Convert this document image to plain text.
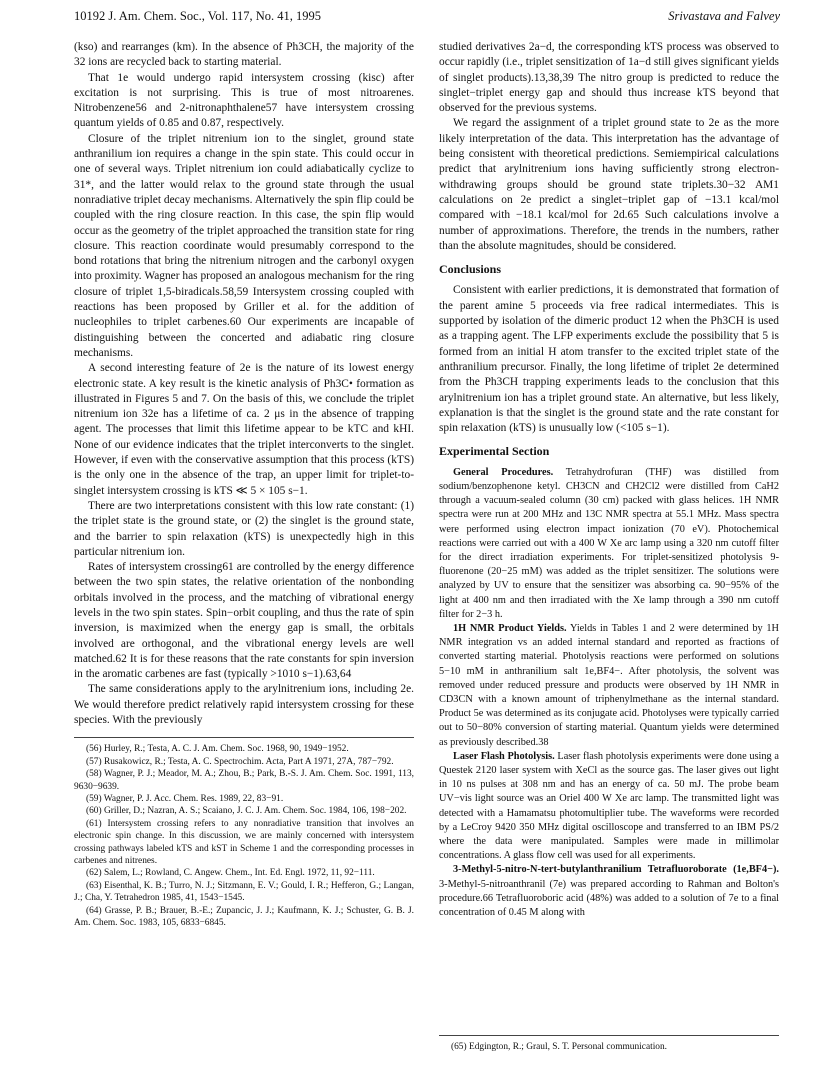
10192 J. Am. Chem. Soc., Vol. 117, No. 41, 1995	Srivastava and Falvey

(kso) and rearranges (km). In the absence of Ph3CH, the majority of the 32 ions are recycled back to starting material.

That 1e would undergo rapid intersystem crossing (kisc) after excitation is not surprising. This is true of most nitroarenes. Nitrobenzene56 and 2-nitronaphthalene57 have intersystem crossing quantum yields of 0.85 and 0.87, respectively.

Closure of the triplet nitrenium ion to the singlet, ground state anthranilium ion requires a change in the spin state. This could occur in one of several ways. Triplet nitrenium ion could adiabatically cyclize to 31*, and the latter would relax to the ground state through the usual nonradiative triplet decay mechanisms. Alternatively the spin flip could be coupled with the ring closure reaction. In this case, the spin flip would occur as the geometry of the triplet approached the transition state for ring closure. This reaction coordinate would presumably correspond to the bond rotations that bring the nitrenium nitrogen and the carbonyl oxygen into proximity. Wagner has proposed an analogous mechanism for the ring closure of triplet 1,5-biradicals.58,59 Intersystem crossing coupled with reactions has been proposed by Griller et al. for the addition of nucleophiles to triplet carbenes.60 Our experiments are incapable of distinguishing between the concerted and adiabatic ring closure mechanisms.

A second interesting feature of 2e is the nature of its lowest energy electronic state. A key result is the kinetic analysis of Ph3C• formation as illustrated in Figures 5 and 7. On the basis of this, we conclude the triplet nitrenium ion 32e has a lifetime of ca. 2 μs in the absence of trapping agent. The processes that limit this lifetime appear to be kTC and kHI. None of our evidence indicates that the triplet interconverts to the singlet. However, if even with the conservative assumption that this process (kTS) is the only one in the absence of the trap, an upper limit for triplet-to-singlet intersystem crossing is kTS ≪ 5 × 105 s−1.

There are two interpretations consistent with this low rate constant: (1) the triplet state is the ground state, or (2) the singlet is the ground state, and the barrier to spin relaxation (kTS) is unexpectedly high in this particular nitrenium ion.

Rates of intersystem crossing61 are controlled by the energy difference between the two spin states, the relative orientation of the nonbonding orbitals involved in the process, and the matching of vibrational energy levels in the two spin states. Spin−orbit coupling, and thus the rate of spin inversion, is maximized when the energy gap is small, the orbitals involved are orthogonal, and the vibrational energy levels are well matched.62 It is for these reasons that the rate constants for spin inversion in the aromatic carbenes are fast (typically >1010 s−1).63,64

The same considerations apply to the arylnitrenium ions, including 2e. We would therefore predict relatively rapid intersystem crossing for these species. With the previously

(56) Hurley, R.; Testa, A. C. J. Am. Chem. Soc. 1968, 90, 1949−1952.
(57) Rusakowicz, R.; Testa, A. C. Spectrochim. Acta, Part A 1971, 27A, 787−792.
(58) Wagner, P. J.; Meador, M. A.; Zhou, B.; Park, B.-S. J. Am. Chem. Soc. 1991, 113, 9630−9639.
(59) Wagner, P. J. Acc. Chem. Res. 1989, 22, 83−91.
(60) Griller, D.; Nazran, A. S.; Scaiano, J. C. J. Am. Chem. Soc. 1984, 106, 198−202.
(61) Intersystem crossing refers to any nonradiative transition that involves an electronic spin change. In this discussion, we are mainly concerned with intersystem crossing pathways labeled kTS and kST in Scheme 1 and the corresponding processes in carbenes and nitrenes.
(62) Salem, L.; Rowland, C. Angew. Chem., Int. Ed. Engl. 1972, 11, 92−111.
(63) Eisenthal, K. B.; Turro, N. J.; Sitzmann, E. V.; Gould, I. R.; Hefferon, G.; Langan, J.; Cha, Y. Tetrahedron 1985, 41, 1543−1545.
(64) Grasse, P. B.; Brauer, B.-E.; Zupancic, J. J.; Kaufmann, K. J.; Schuster, G. B. J. Am. Chem. Soc. 1983, 105, 6833−6845.

studied derivatives 2a−d, the corresponding kTS process was observed to occur rapidly (i.e., triplet sensitization of 1a−d still gives significant yields of singlet products).13,38,39 The nitro group is predicted to reduce the singlet−triplet energy gap and should thus increase kTS beyond that observed for the previous systems.

We regard the assignment of a triplet ground state to 2e as the more likely interpretation of the data. This interpretation has the advantage of being consistent with theoretical predictions. Semiempirical calculations predict that arylnitrenium ions having sufficiently strong electron-withdrawing groups should be ground state triplets.30−32 AM1 calculations on 2e predict a singlet−triplet gap of −13.1 kcal/mol compared with −18.1 kcal/mol for 2d.65 Such calculations involve a number of approximations. Therefore, the trends in the numbers, rather than the absolute magnitudes, should be considered.

Conclusions

Consistent with earlier predictions, it is demonstrated that formation of the parent amine 5 proceeds via free radical intermediates. This is supported by isolation of the dimeric product 12 when the Ph3CH is used as a trapping agent. The LFP experiments exclude the possibility that 5 is formed from an initial H atom transfer to the excited triplet state of the anthranilium precursor. Finally, the long lifetime of triplet 2e determined from the Ph3CH trapping experiments leads to the conclusion that this arylnitrenium ion has a triplet ground state. An alternative, but less likely, explanation is that the singlet is the ground state and the rate constant for spin relaxation (kTS) is unusually low (<105 s−1).

Experimental Section

General Procedures. Tetrahydrofuran (THF) was distilled from sodium/benzophenone ketyl. CH3CN and CH2Cl2 were distilled from CaH2 through a vacuum-sealed column (30 cm) packed with glass helices. 1H NMR spectra were run at 200 MHz and 13C NMR spectra at 55.1 MHz. Mass spectra were performed using electron impact ionization (70 eV). Photochemical reactions were carried out with a 400 W Xe arc lamp using a 320 nm cutoff filter for the direct irradiation experiments. For triplet-sensitized photolysis 9-fluorenone (20−25 mM) was added as the triplet sensitizer. The solutions were analyzed by UV to ensure that the sensitizer was absorbing ca. 90−95% of the light at 400 nm and then irradiated with the Xe lamp through a 390 nm cutoff filter for 2−3 h.

1H NMR Product Yields. Yields in Tables 1 and 2 were determined by 1H NMR integration vs an added internal standard and reported as fractions of converted starting material. Photolysis reactions were performed on solutions 5−10 mM in anthranilium salt 1e,BF4−. After photolysis, the solvent was removed under reduced pressure and products were observed by 1H NMR in CD3CN with a known amount of triphenylmethane as the internal standard. Product 5e was determined as its conjugate acid. Photolyses were typically carried out to 50−80% conversion of starting material. Quantum yields were determined as previously described.38

Laser Flash Photolysis. Laser flash photolysis experiments were done using a Questek 2120 laser system with XeCl as the source gas. The laser gives out light in 10 ns pulses at 308 nm and has an energy of ca. 50 mJ. The probe beam UV−vis light source was an Oriel 400 W Xe arc lamp. The transmitted light was detected with a Hamamatsu photomultiplier tube. The waveforms were recorded by a LeCroy 9420 350 MHz digital oscilloscope and transferred to an IBM PS/2 where the data were manipulated. Samples were made in millimolar concentrations. A glass flow cell was used for all experiments.

3-Methyl-5-nitro-N-tert-butylanthranilium Tetrafluoroborate (1e,BF4−). 3-Methyl-5-nitroanthranil (7e) was prepared according to Rahman and Bolton's procedure.66 Tetrafluoroboric acid (48%) was added to a solution of 7e to a final concentration of 0.45 M along with

(65) Edgington, R.; Graul, S. T. Personal communication.
